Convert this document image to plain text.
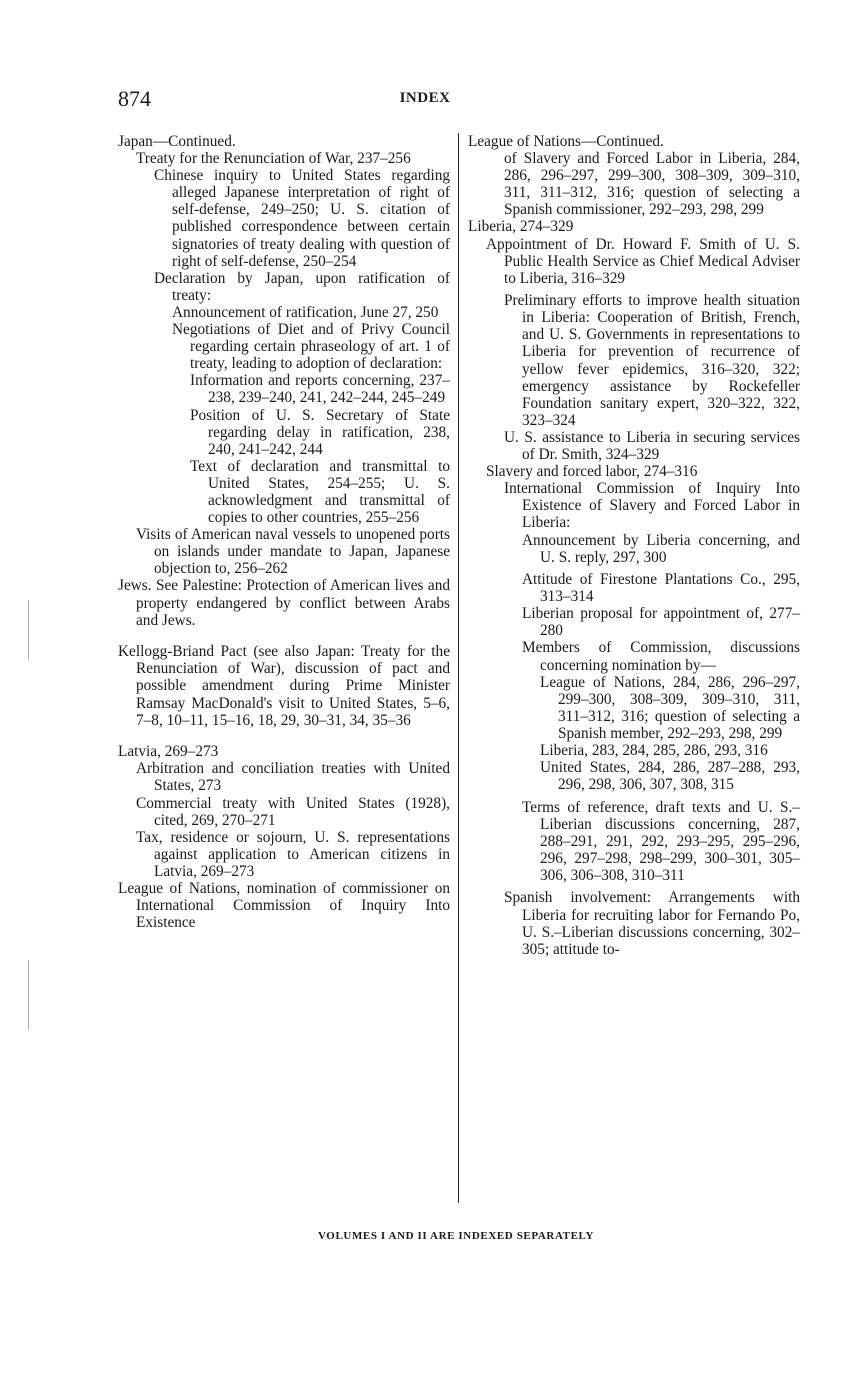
874	INDEX

Japan—Continued.

Treaty for the Renunciation of War, 237–256

Chinese inquiry to United States regarding alleged Japanese interpretation of right of self-defense, 249–250; U. S. citation of published correspondence between certain signatories of treaty dealing with question of right of self-defense, 250–254

Declaration by Japan, upon ratification of treaty:

Announcement of ratification, June 27, 250

Negotiations of Diet and of Privy Council regarding certain phraseology of art. 1 of treaty, leading to adoption of declaration:

Information and reports concerning, 237–238, 239–240, 241, 242–244, 245–249

Position of U. S. Secretary of State regarding delay in ratification, 238, 240, 241–242, 244

Text of declaration and transmittal to United States, 254–255; U. S. acknowledgment and transmittal of copies to other countries, 255–256

Visits of American naval vessels to unopened ports on islands under mandate to Japan, Japanese objection to, 256–262

Jews. See Palestine: Protection of American lives and property endangered by conflict between Arabs and Jews.

Kellogg-Briand Pact (see also Japan: Treaty for the Renunciation of War), discussion of pact and possible amendment during Prime Minister Ramsay MacDonald's visit to United States, 5–6, 7–8, 10–11, 15–16, 18, 29, 30–31, 34, 35–36

Latvia, 269–273

Arbitration and conciliation treaties with United States, 273

Commercial treaty with United States (1928), cited, 269, 270–271

Tax, residence or sojourn, U. S. representations against application to American citizens in Latvia, 269–273

League of Nations, nomination of commissioner on International Commission of Inquiry Into Existence

League of Nations—Continued.

of Slavery and Forced Labor in Liberia, 284, 286, 296–297, 299–300, 308–309, 309–310, 311, 311–312, 316; question of selecting a Spanish commissioner, 292–293, 298, 299

Liberia, 274–329

Appointment of Dr. Howard F. Smith of U. S. Public Health Service as Chief Medical Adviser to Liberia, 316–329

Preliminary efforts to improve health situation in Liberia: Cooperation of British, French, and U. S. Governments in representations to Liberia for prevention of recurrence of yellow fever epidemics, 316–320, 322; emergency assistance by Rockefeller Foundation sanitary expert, 320–322, 322, 323–324

U. S. assistance to Liberia in securing services of Dr. Smith, 324–329

Slavery and forced labor, 274–316

International Commission of Inquiry Into Existence of Slavery and Forced Labor in Liberia:

Announcement by Liberia concerning, and U. S. reply, 297, 300

Attitude of Firestone Plantations Co., 295, 313–314

Liberian proposal for appointment of, 277–280

Members of Commission, discussions concerning nomination by—

League of Nations, 284, 286, 296–297, 299–300, 308–309, 309–310, 311, 311–312, 316; question of selecting a Spanish member, 292–293, 298, 299

Liberia, 283, 284, 285, 286, 293, 316

United States, 284, 286, 287–288, 293, 296, 298, 306, 307, 308, 315

Terms of reference, draft texts and U. S.–Liberian discussions concerning, 287, 288–291, 291, 292, 293–295, 295–296, 296, 297–298, 298–299, 300–301, 305–306, 306–308, 310–311

Spanish involvement: Arrangements with Liberia for recruiting labor for Fernando Po, U. S.–Liberian discussions concerning, 302–305; attitude to-

VOLUMES I AND II ARE INDEXED SEPARATELY
